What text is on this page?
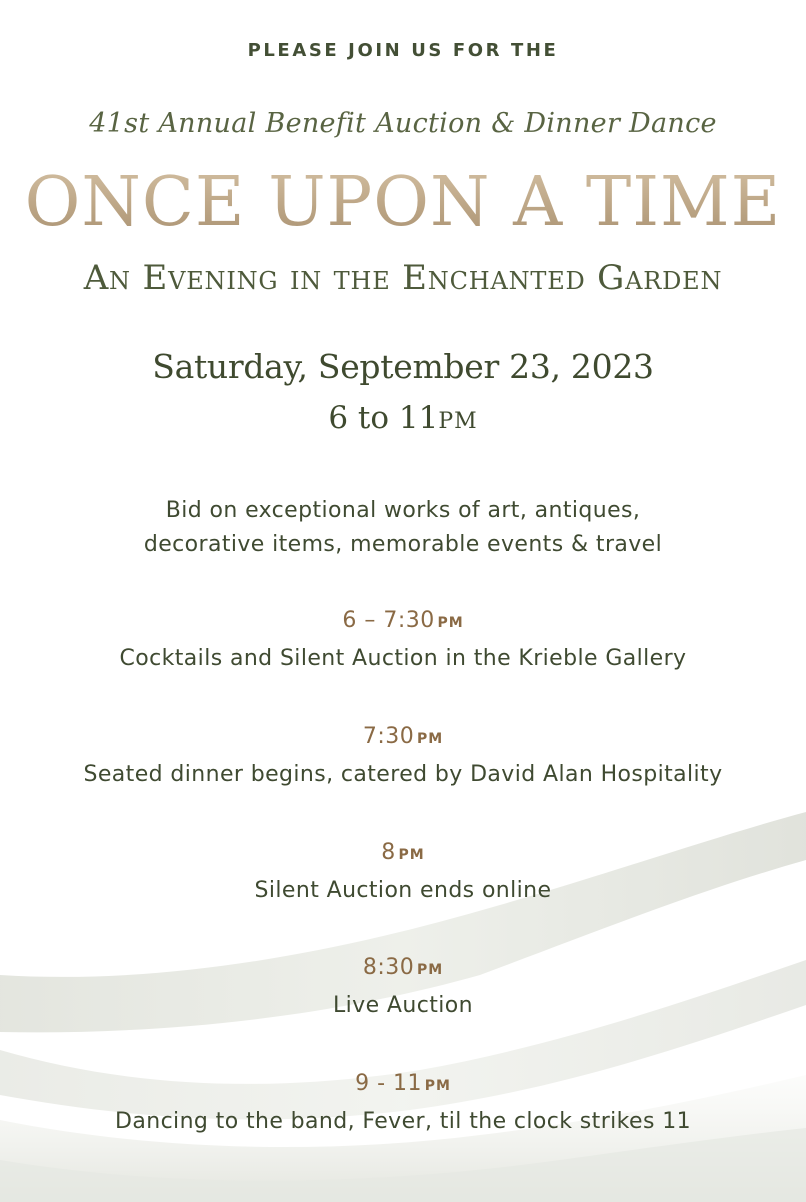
PLEASE JOIN US FOR THE
41st Annual Benefit Auction & Dinner Dance
ONCE UPON A TIME
An Evening in the Enchanted Garden
Saturday, September 23, 2023
6 to 11pm
Bid on exceptional works of art, antiques,
decorative items, memorable events & travel
6 – 7:30  pm
Cocktails and Silent Auction in the Krieble Gallery
7:30  pm
Seated dinner begins, catered by David Alan Hospitality
8  pm
Silent Auction ends online
8:30  pm
Live Auction
9 - 11  pm
Dancing to the band, Fever, til the clock strikes 11
